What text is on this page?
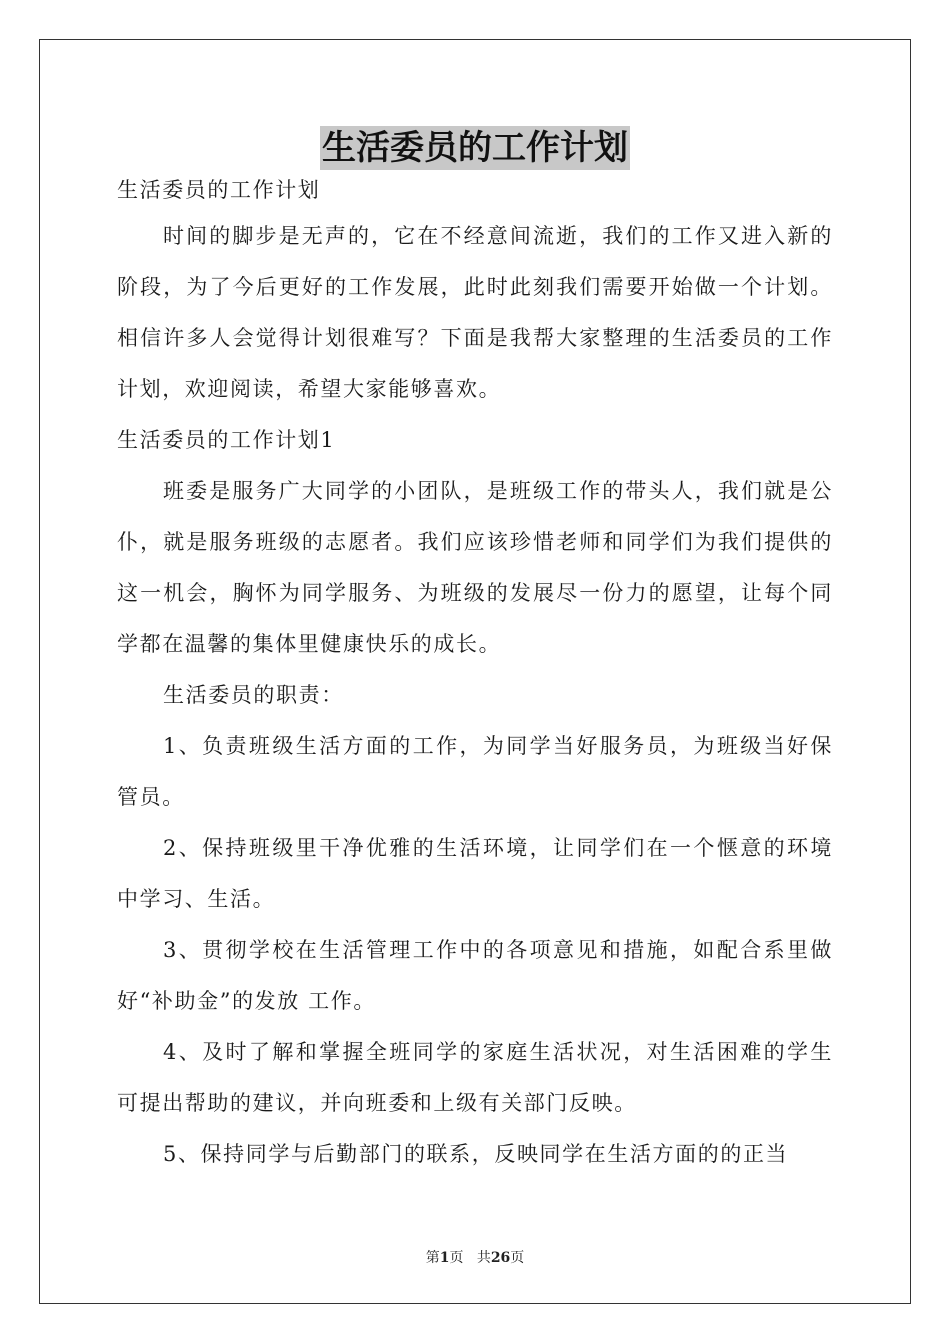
生活委员的工作计划

生活委员的工作计划

时间的脚步是无声的，它在不经意间流逝，我们的工作又进入新的阶段，为了今后更好的工作发展，此时此刻我们需要开始做一个计划。相信许多人会觉得计划很难写？下面是我帮大家整理的生活委员的工作计划，欢迎阅读，希望大家能够喜欢。

生活委员的工作计划1

班委是服务广大同学的小团队，是班级工作的带头人，我们就是公仆，就是服务班级的志愿者。我们应该珍惜老师和同学们为我们提供的这一机会，胸怀为同学服务、为班级的发展尽一份力的愿望，让每个同学都在温馨的集体里健康快乐的成长。

生活委员的职责：

1、负责班级生活方面的工作，为同学当好服务员，为班级当好保管员。

2、保持班级里干净优雅的生活环境，让同学们在一个惬意的环境中学习、生活。

3、贯彻学校在生活管理工作中的各项意见和措施，如配合系里做好“补助金”的发放 工作。

4、及时了解和掌握全班同学的家庭生活状况，对生活困难的学生可提出帮助的建议，并向班委和上级有关部门反映。

5、保持同学与后勤部门的联系，反映同学在生活方面的的正当

第1页 共26页
